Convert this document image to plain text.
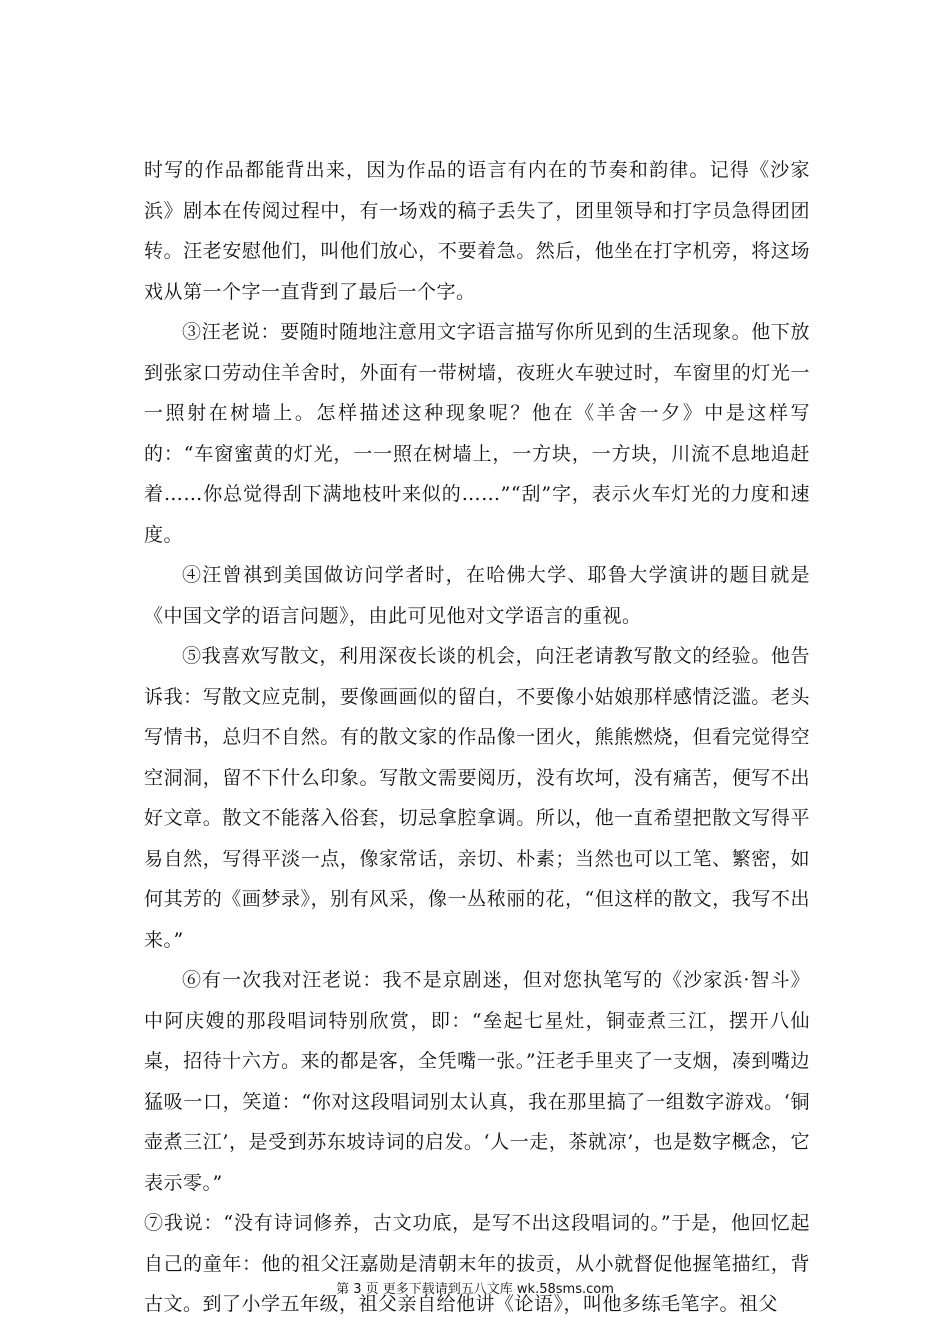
时写的作品都能背出来，因为作品的语言有内在的节奏和韵律。记得《沙家浜》剧本在传阅过程中，有一场戏的稿子丢失了，团里领导和打字员急得团团转。汪老安慰他们，叫他们放心，不要着急。然后，他坐在打字机旁，将这场戏从第一个字一直背到了最后一个字。

③汪老说：要随时随地注意用文字语言描写你所见到的生活现象。他下放到张家口劳动住羊舍时，外面有一带树墙，夜班火车驶过时，车窗里的灯光一一照射在树墙上。怎样描述这种现象呢？他在《羊舍一夕》中是这样写的：“车窗蜜黄的灯光，一一照在树墙上，一方块，一方块，川流不息地追赶着……你总觉得刮下满地枝叶来似的……”“刮”字，表示火车灯光的力度和速度。

④汪曾祺到美国做访问学者时，在哈佛大学、耶鲁大学演讲的题目就是《中国文学的语言问题》，由此可见他对文学语言的重视。

⑤我喜欢写散文，利用深夜长谈的机会，向汪老请教写散文的经验。他告诉我：写散文应克制，要像画画似的留白，不要像小姑娘那样感情泛滥。老头写情书，总归不自然。有的散文家的作品像一团火，熊熊燃烧，但看完觉得空空洞洞，留不下什么印象。写散文需要阅历，没有坎坷，没有痛苦，便写不出好文章。散文不能落入俗套，切忌拿腔拿调。所以，他一直希望把散文写得平易自然，写得平淡一点，像家常话，亲切、朴素；当然也可以工笔、繁密，如何其芳的《画梦录》，别有风采，像一丛秾丽的花，“但这样的散文，我写不出来。”

⑥有一次我对汪老说：我不是京剧迷，但对您执笔写的《沙家浜·智斗》中阿庆嫂的那段唱词特别欣赏，即：“垒起七星灶，铜壶煮三江，摆开八仙桌，招待十六方。来的都是客，全凭嘴一张。”汪老手里夹了一支烟，凑到嘴边猛吸一口，笑道：“你对这段唱词别太认真，我在那里搞了一组数字游戏。‘铜壶煮三江’，是受到苏东坡诗词的启发。‘人一走，茶就凉’，也是数字概念，它表示零。”

⑦我说：“没有诗词修养，古文功底，是写不出这段唱词的。”于是，他回忆起自己的童年：他的祖父汪嘉勋是清朝末年的拔贡，从小就督促他握笔描红，背古文。到了小学五年级，祖父亲自给他讲《论语》，叫他多练毛笔字。祖父

第 3 页 更多下载请到五八文库 wk.58sms.com
